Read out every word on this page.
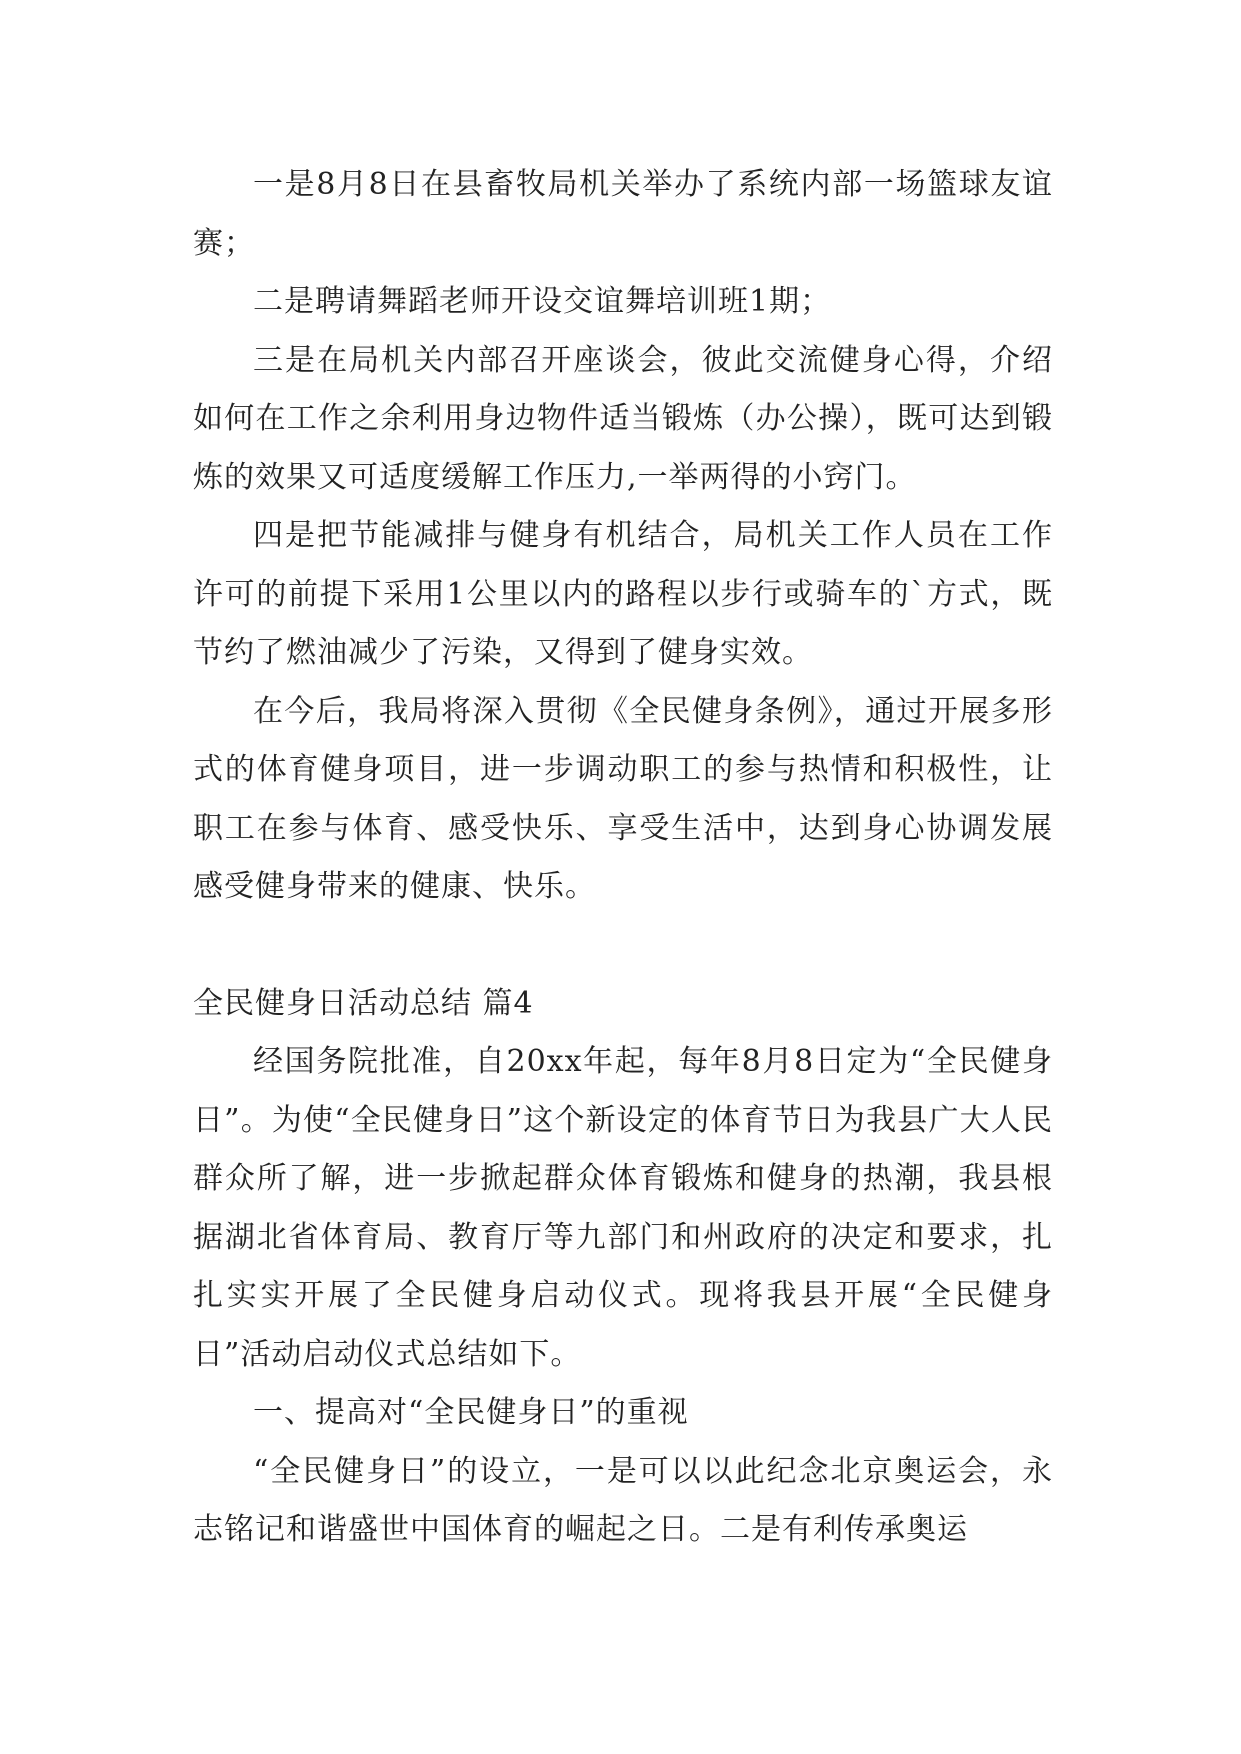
一是8月8日在县畜牧局机关举办了系统内部一场篮球友谊赛；

二是聘请舞蹈老师开设交谊舞培训班1期；

三是在局机关内部召开座谈会，彼此交流健身心得，介绍如何在工作之余利用身边物件适当锻炼（办公操），既可达到锻炼的效果又可适度缓解工作压力,一举两得的小窍门。

四是把节能减排与健身有机结合，局机关工作人员在工作许可的前提下采用1公里以内的路程以步行或骑车的`方式，既节约了燃油减少了污染，又得到了健身实效。

在今后，我局将深入贯彻《全民健身条例》，通过开展多形式的体育健身项目，进一步调动职工的参与热情和积极性，让职工在参与体育、感受快乐、享受生活中，达到身心协调发展感受健身带来的健康、快乐。

全民健身日活动总结 篇4

经国务院批准，自20xx年起，每年8月8日定为“全民健身日”。为使“全民健身日”这个新设定的体育节日为我县广大人民群众所了解，进一步掀起群众体育锻炼和健身的热潮，我县根据湖北省体育局、教育厅等九部门和州政府的决定和要求，扎扎实实开展了全民健身启动仪式。现将我县开展“全民健身日”活动启动仪式总结如下。

一、提高对“全民健身日”的重视

“全民健身日”的设立，一是可以以此纪念北京奥运会，永志铭记和谐盛世中国体育的崛起之日。二是有利传承奥运
